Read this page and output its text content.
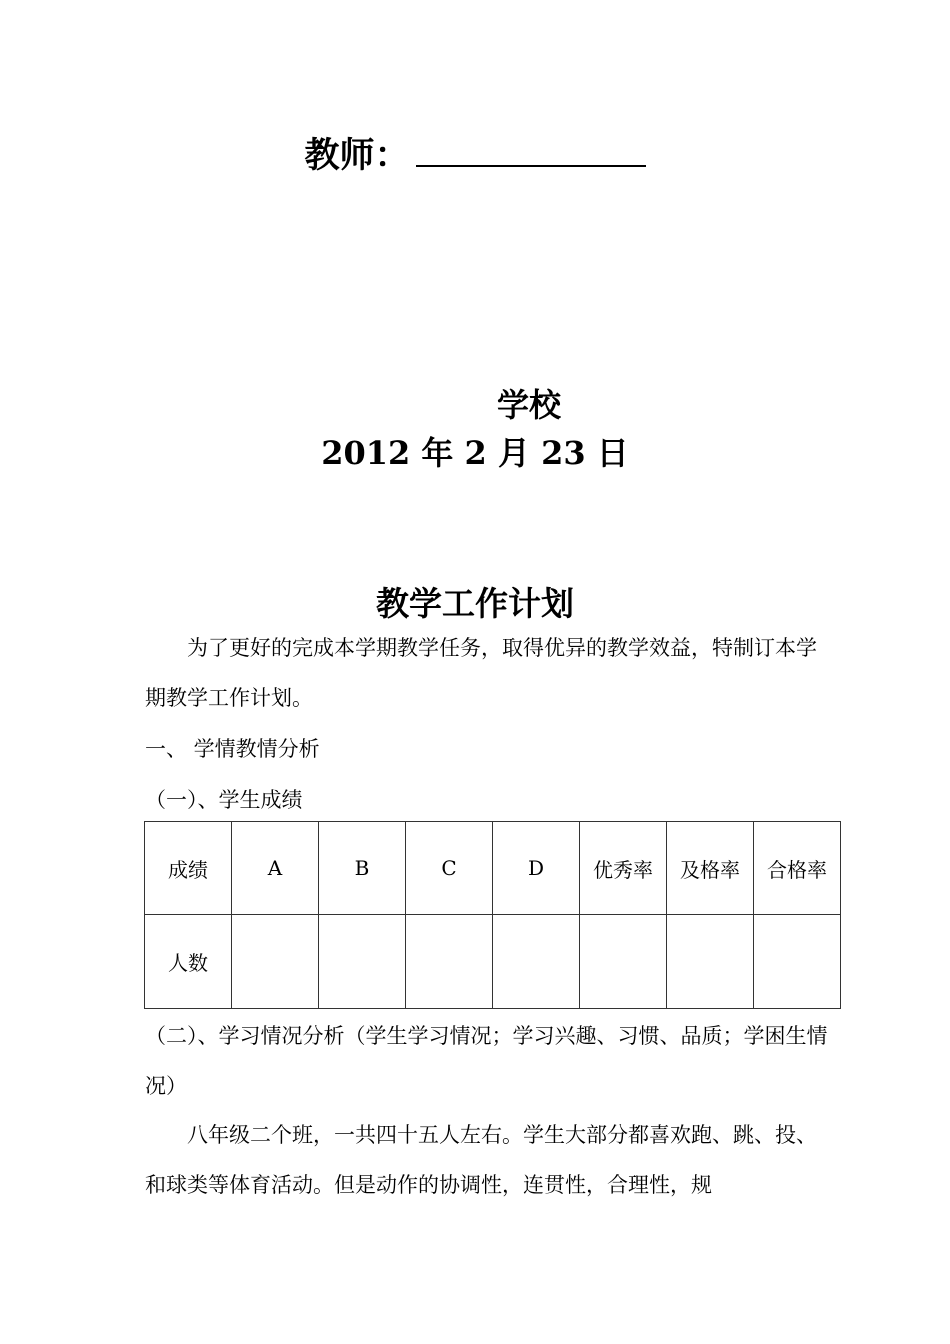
教师：
学校
2012 年 2 月 23 日
教学工作计划
为了更好的完成本学期教学任务，取得优异的教学效益，特制订本学期教学工作计划。
一、 学情教情分析
（一）、学生成绩
成绩	A	B	C	D	优秀率	及格率	合格率
人数							
（二）、学习情况分析（学生学习情况；学习兴趣、习惯、品质；学困生情况）
八年级二个班，一共四十五人左右。学生大部分都喜欢跑、跳、投、和球类等体育活动。但是动作的协调性，连贯性，合理性，规
